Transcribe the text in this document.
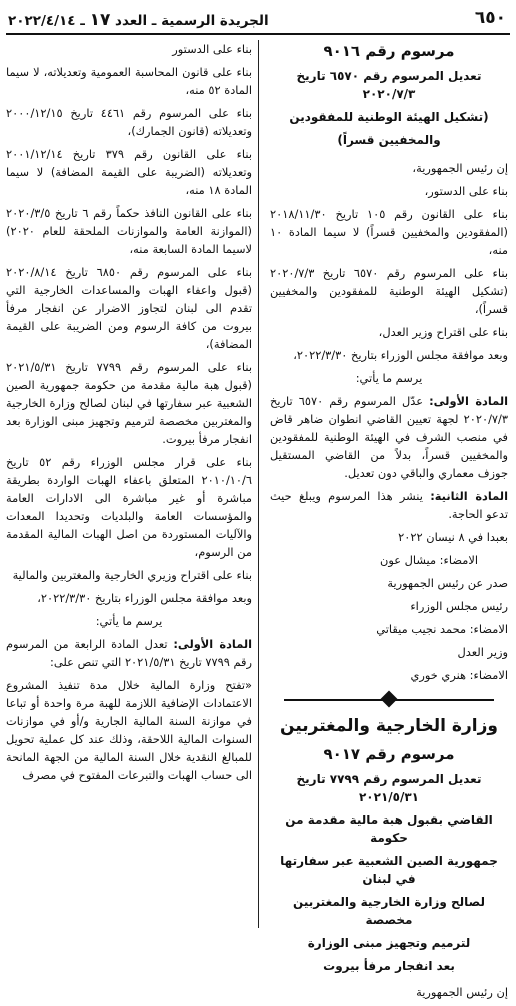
٦٥٠
الجريدة الرسمية ـ العدد ١٧ ـ ٢٠٢٢/٤/١٤

مرسوم رقم ٩٠١٦

تعديل المرسوم رقم ٦٥٧٠ تاريخ ٢٠٢٠/٧/٣

(تشكيل الهيئة الوطنية للمفقودين

والمخفيين قسراً)

إن رئيس الجمهورية،

بناء على الدستور،

بناء على القانون رقم ١٠٥ تاريخ ٢٠١٨/١١/٣٠ (المفقودين والمخفيين قسراً) لا سيما المادة ١٠ منه،

بناء على المرسوم رقم ٦٥٧٠ تاريخ ٢٠٢٠/٧/٣ (تشكيل الهيئة الوطنية للمفقودين والمخفيين قسراً)،

بناء على اقتراح وزير العدل،

وبعد موافقة مجلس الوزراء بتاريخ ٢٠٢٢/٣/٣٠،

يرسم ما يأتي:

المادة الأولى: عدّل المرسوم رقم ٦٥٧٠ تاريخ ٢٠٢٠/٧/٣ لجهة تعيين القاضي انطوان ضاهر قاض في منصب الشرف في الهيئة الوطنية للمفقودين والمخفيين قسراً، بدلاً من القاضي المستقيل جوزف معماري والباقي دون تعديل.

المادة الثانية: ينشر هذا المرسوم ويبلغ حيث تدعو الحاجة.

بعبدا في ٨ نيسان ٢٠٢٢

الامضاء: ميشال عون

صدر عن رئيس الجمهورية

رئيس مجلس الوزراء

الامضاء: محمد نجيب ميقاتي

وزير العدل

الامضاء: هنري خوري

وزارة الخارجية والمغتربين

مرسوم رقم ٩٠١٧

تعديل المرسوم رقم ٧٧٩٩ تاريخ ٢٠٢١/٥/٣١

القاضي بقبول هبة مالية مقدمة من حكومة

جمهورية الصين الشعبية عبر سفارتها في لبنان

لصالح وزارة الخارجية والمغتربين مخصصة

لترميم وتجهيز مبنى الوزارة

بعد انفجار مرفأ بيروت

إن رئيس الجمهورية

بناء على الدستور

بناء على قانون المحاسبة العمومية وتعديلاته، لا سيما المادة ٥٢ منه،

بناء على المرسوم رقم ٤٤٦١ تاريخ ٢٠٠٠/١٢/١٥ وتعديلاته (قانون الجمارك)،

بناء على القانون رقم ٣٧٩ تاريخ ٢٠٠١/١٢/١٤ وتعديلاته (الضريبة على القيمة المضافة) لا سيما المادة ١٨ منه،

بناء على القانون النافذ حكماً رقم ٦ تاريخ ٢٠٢٠/٣/٥ (الموازنة العامة والموازنات الملحقة للعام ٢٠٢٠) لاسيما المادة السابعة منه،

بناء على المرسوم رقم ٦٨٥٠ تاريخ ٢٠٢٠/٨/١٤ (قبول واعفاء الهبات والمساعدات الخارجية التي تقدم الى لبنان لتجاوز الاضرار عن انفجار مرفأ بيروت من كافة الرسوم ومن الضريبة على القيمة المضافة)،

بناء على المرسوم رقم ٧٧٩٩ تاريخ ٢٠٢١/٥/٣١ (قبول هبة مالية مقدمة من حكومة جمهورية الصين الشعبية عبر سفارتها في لبنان لصالح وزارة الخارجية والمغتربين مخصصة لترميم وتجهيز مبنى الوزارة بعد انفجار مرفأ بيروت.

بناء على قرار مجلس الوزراء رقم ٥٢ تاريخ ٢٠١٠/١٠/٦ المتعلق باعفاء الهبات الواردة بطريقة مباشرة أو غير مباشرة الى الادارات العامة والمؤسسات العامة والبلديات وتحديدا المعدات والآليات المستوردة من اصل الهبات المالية المقدمة من الرسوم،

بناء على اقتراح وزيري الخارجية والمغتربين والمالية

وبعد موافقة مجلس الوزراء بتاريخ ٢٠٢٢/٣/٣٠،

يرسم ما يأتي:

المادة الأولى: تعدل المادة الرابعة من المرسوم رقم ٧٧٩٩ تاريخ ٢٠٢١/٥/٣١ التي تنص على:

«تفتح وزارة المالية خلال مدة تنفيذ المشروع الاعتمادات الإضافية اللازمة للهبة مرة واحدة أو تباعا في موازنة السنة المالية الجارية و/أو في موازنات السنوات المالية اللاحقة، وذلك عند كل عملية تحويل للمبالغ النقدية خلال السنة المالية من الجهة المانحة الى حساب الهبات والتبرعات المفتوح في مصرف
